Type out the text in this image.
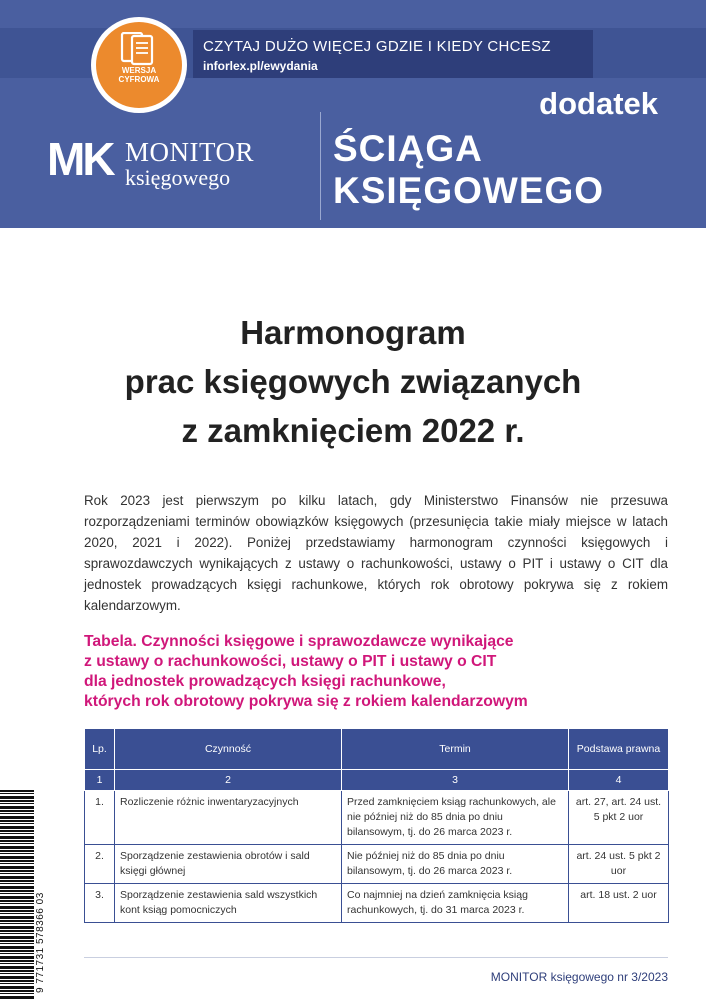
CZYTAJ DUŻO WIĘCEJ GDZIE I KIEDY CHCESZ
inforlex.pl/ewydania
WERSJA
CYFROWA
dodatek
MK MONITOR
księgowego
ŚCIĄGA
KSIĘGOWEGO
Harmonogram
prac księgowych związanych
z zamknięciem 2022 r.
Rok 2023 jest pierwszym po kilku latach, gdy Ministerstwo Finansów nie przesuwa rozporządzeniami terminów obowiązków księgowych (przesunięcia takie miały miejsce w latach 2020, 2021 i 2022). Poniżej przedstawiamy harmonogram czynności księgowych i sprawozdawczych wynikających z ustawy o rachunkowości, ustawy o PIT i ustawy o CIT dla jednostek prowadzących księgi rachunkowe, których rok obrotowy pokrywa się z rokiem kalendarzowym.
Tabela. Czynności księgowe i sprawozdawcze wynikające
z ustawy o rachunkowości, ustawy o PIT i ustawy o CIT
dla jednostek prowadzących księgi rachunkowe,
których rok obrotowy pokrywa się z rokiem kalendarzowym
Lp.	Czynność	Termin	Podstawa prawna
1	2	3	4
1.	Rozliczenie różnic inwentaryzacyjnych	Przed zamknięciem ksiąg rachunkowych, ale nie później niż do 85 dnia po dniu bilansowym, tj. do 26 marca 2023 r.	art. 27, art. 24 ust. 5 pkt 2 uor
2.	Sporządzenie zestawienia obrotów i sald księgi głównej	Nie później niż do 85 dnia po dniu bilansowym, tj. do 26 marca 2023 r.	art. 24 ust. 5 pkt 2 uor
3.	Sporządzenie zestawienia sald wszystkich kont ksiąg pomocniczych	Co najmniej na dzień zamknięcia ksiąg rachunkowych, tj. do 31 marca 2023 r.	art. 18 ust. 2 uor
MONITOR księgowego nr 3/2023
9 771731 578366 03
